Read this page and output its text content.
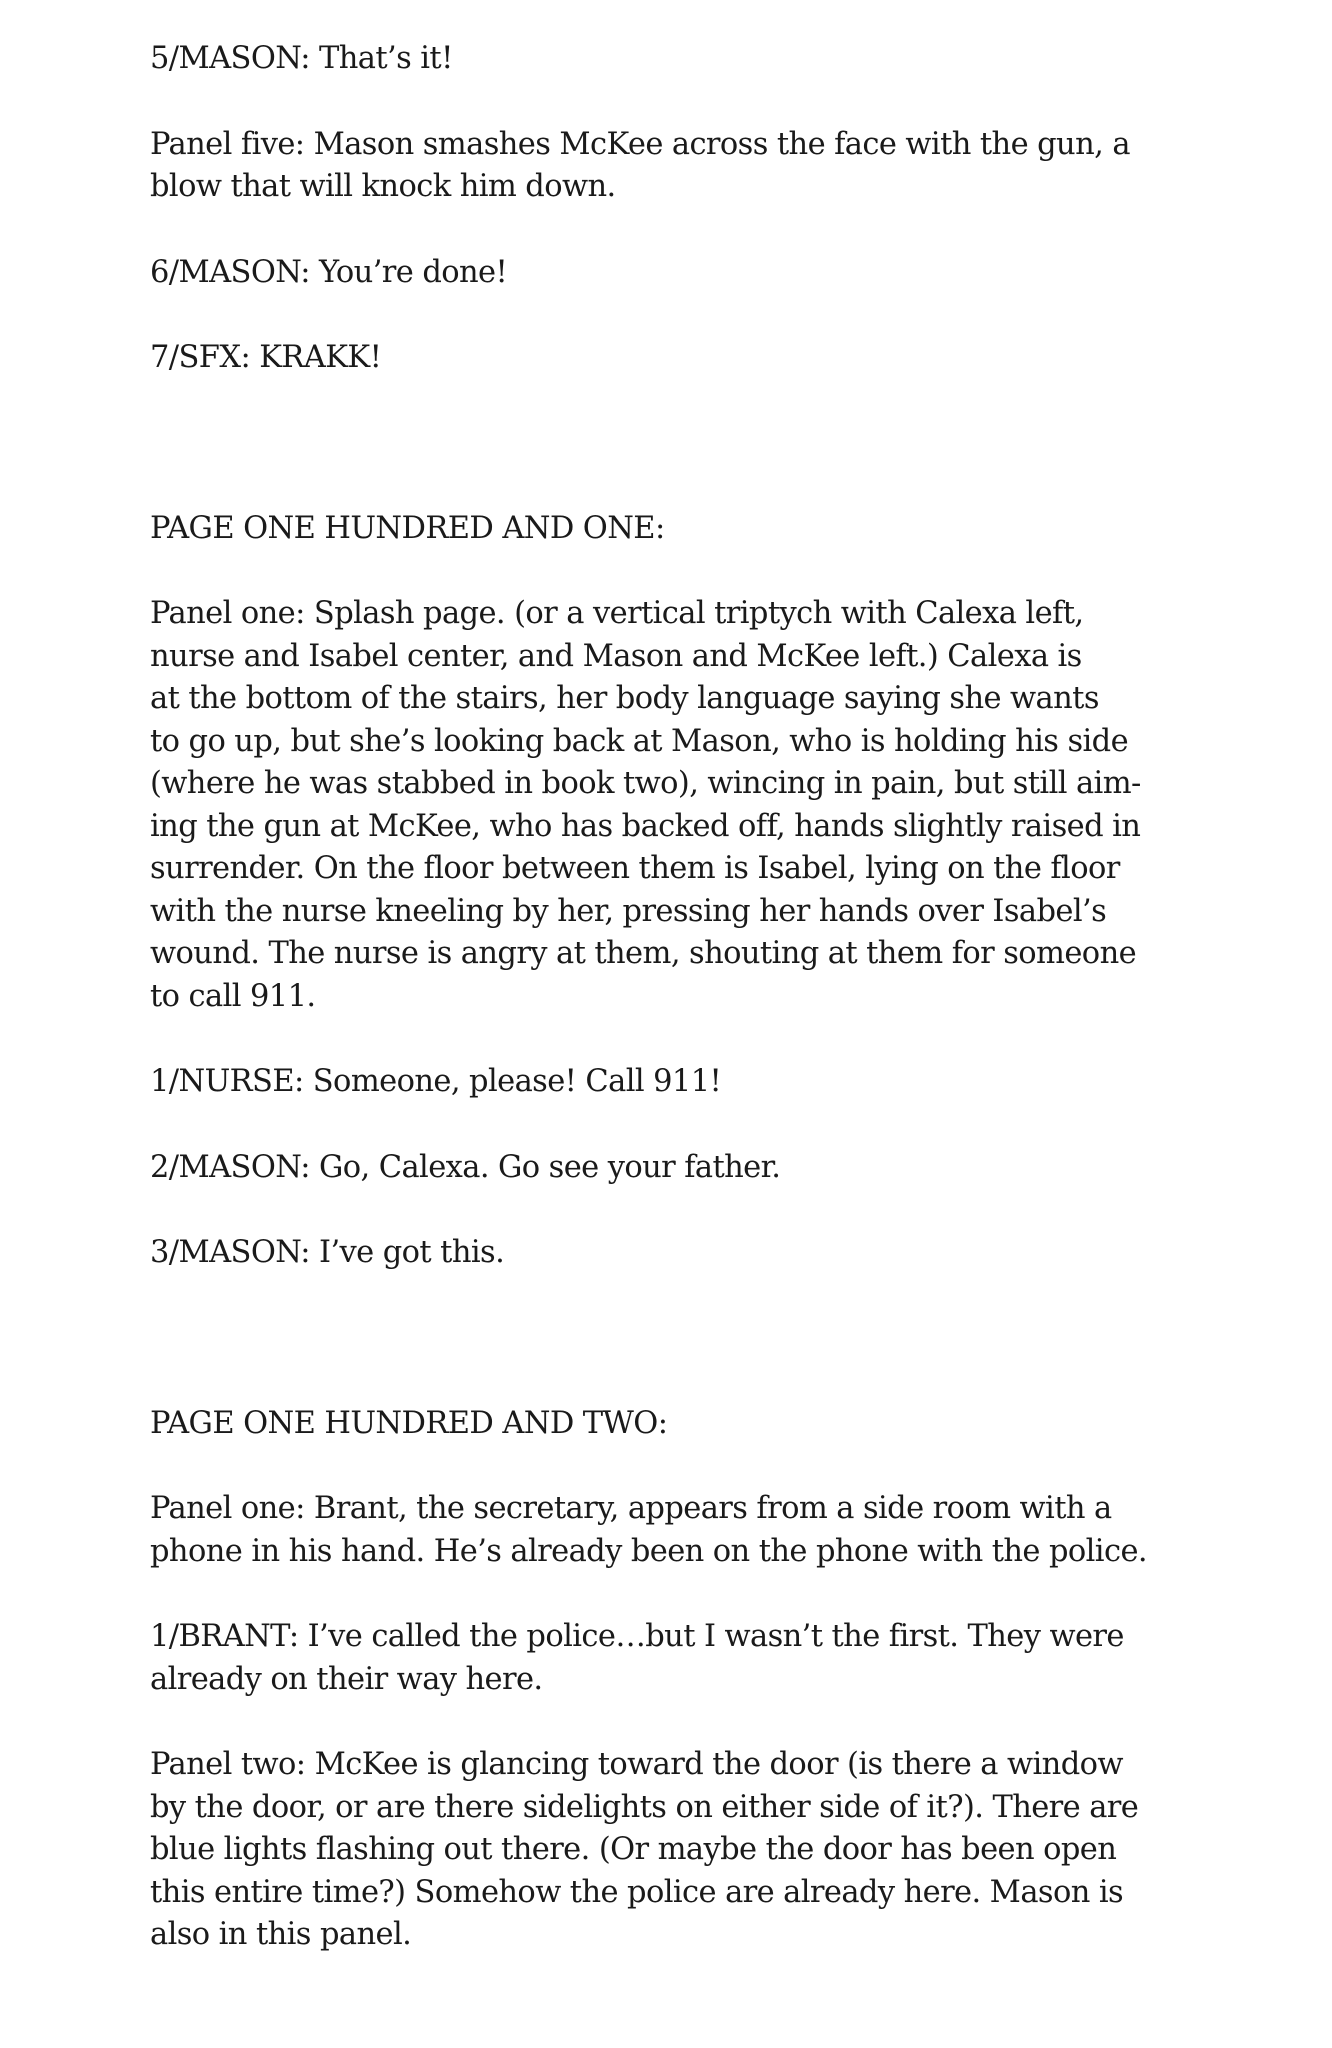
5/MASON: That’s it!

Panel five: Mason smashes McKee across the face with the gun, a
blow that will knock him down.

6/MASON: You’re done!

7/SFX: KRAKK!

PAGE ONE HUNDRED AND ONE:

Panel one: Splash page. (or a vertical triptych with Calexa left,
nurse and Isabel center, and Mason and McKee left.) Calexa is
at the bottom of the stairs, her body language saying she wants
to go up, but she’s looking back at Mason, who is holding his side
(where he was stabbed in book two), wincing in pain, but still aim-
ing the gun at McKee, who has backed off, hands slightly raised in
surrender. On the floor between them is Isabel, lying on the floor
with the nurse kneeling by her, pressing her hands over Isabel’s
wound. The nurse is angry at them, shouting at them for someone
to call 911.

1/NURSE: Someone, please! Call 911!

2/MASON: Go, Calexa. Go see your father.

3/MASON: I’ve got this.

PAGE ONE HUNDRED AND TWO:

Panel one: Brant, the secretary, appears from a side room with a
phone in his hand. He’s already been on the phone with the police.

1/BRANT: I’ve called the police…but I wasn’t the first. They were
already on their way here.

Panel two: McKee is glancing toward the door (is there a window
by the door, or are there sidelights on either side of it?). There are
blue lights flashing out there. (Or maybe the door has been open
this entire time?) Somehow the police are already here. Mason is
also in this panel.
